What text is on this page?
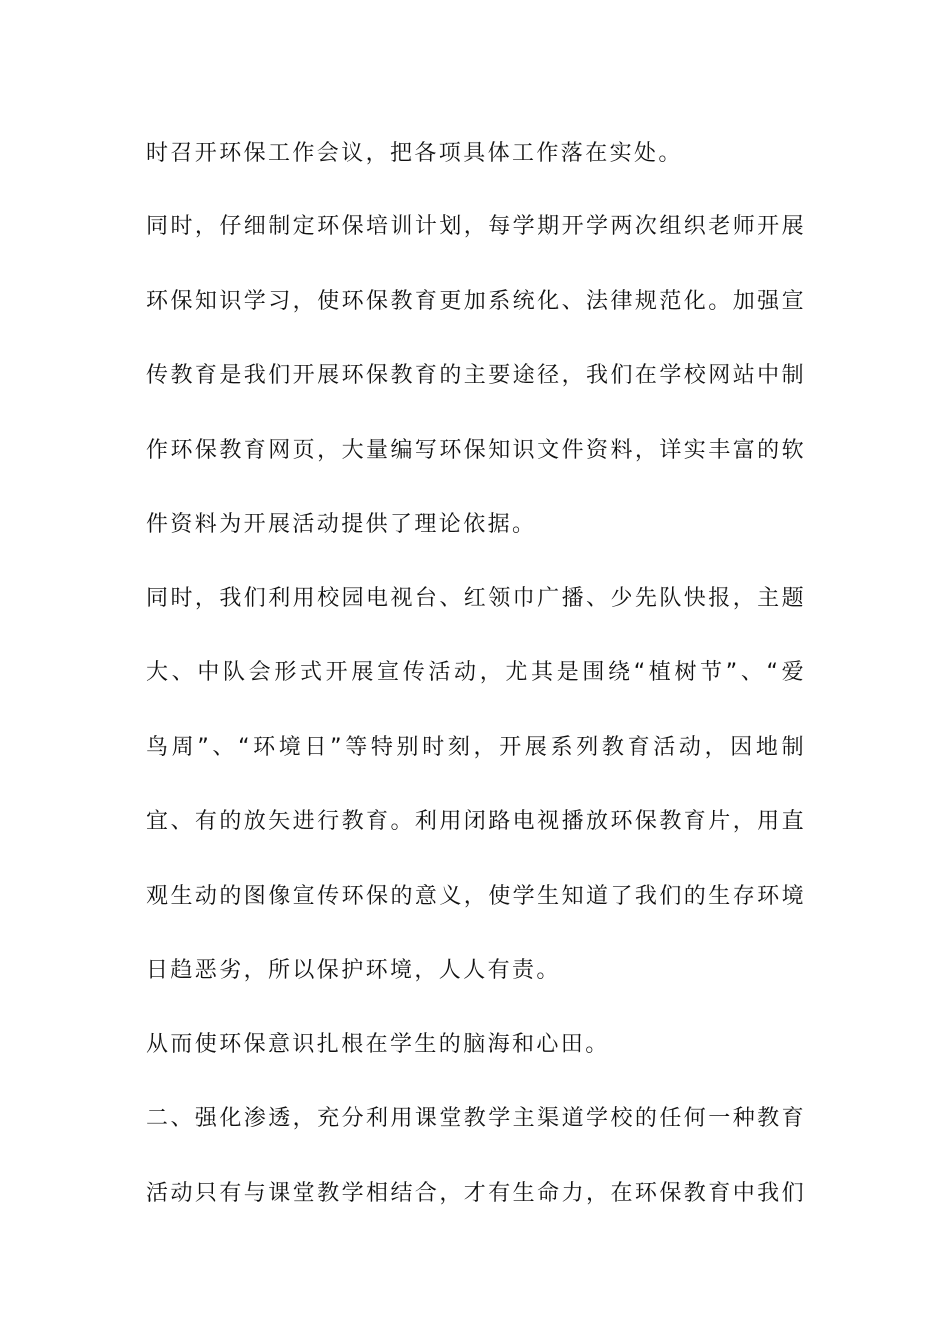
时召开环保工作会议，把各项具体工作落在实处。
同时，仔细制定环保培训计划，每学期开学两次组织老师开展
环保知识学习，使环保教育更加系统化、法律规范化。加强宣
传教育是我们开展环保教育的主要途径，我们在学校网站中制
作环保教育网页，大量编写环保知识文件资料，详实丰富的软
件资料为开展活动提供了理论依据。
同时，我们利用校园电视台、红领巾广播、少先队快报，主题
大、中队会形式开展宣传活动，尤其是围绕“植树节”、“爱
鸟周”、“环境日”等特别时刻，开展系列教育活动，因地制
宜、有的放矢进行教育。利用闭路电视播放环保教育片，用直
观生动的图像宣传环保的意义，使学生知道了我们的生存环境
日趋恶劣，所以保护环境，人人有责。
从而使环保意识扎根在学生的脑海和心田。
二、强化渗透，充分利用课堂教学主渠道学校的任何一种教育
活动只有与课堂教学相结合，才有生命力，在环保教育中我们
